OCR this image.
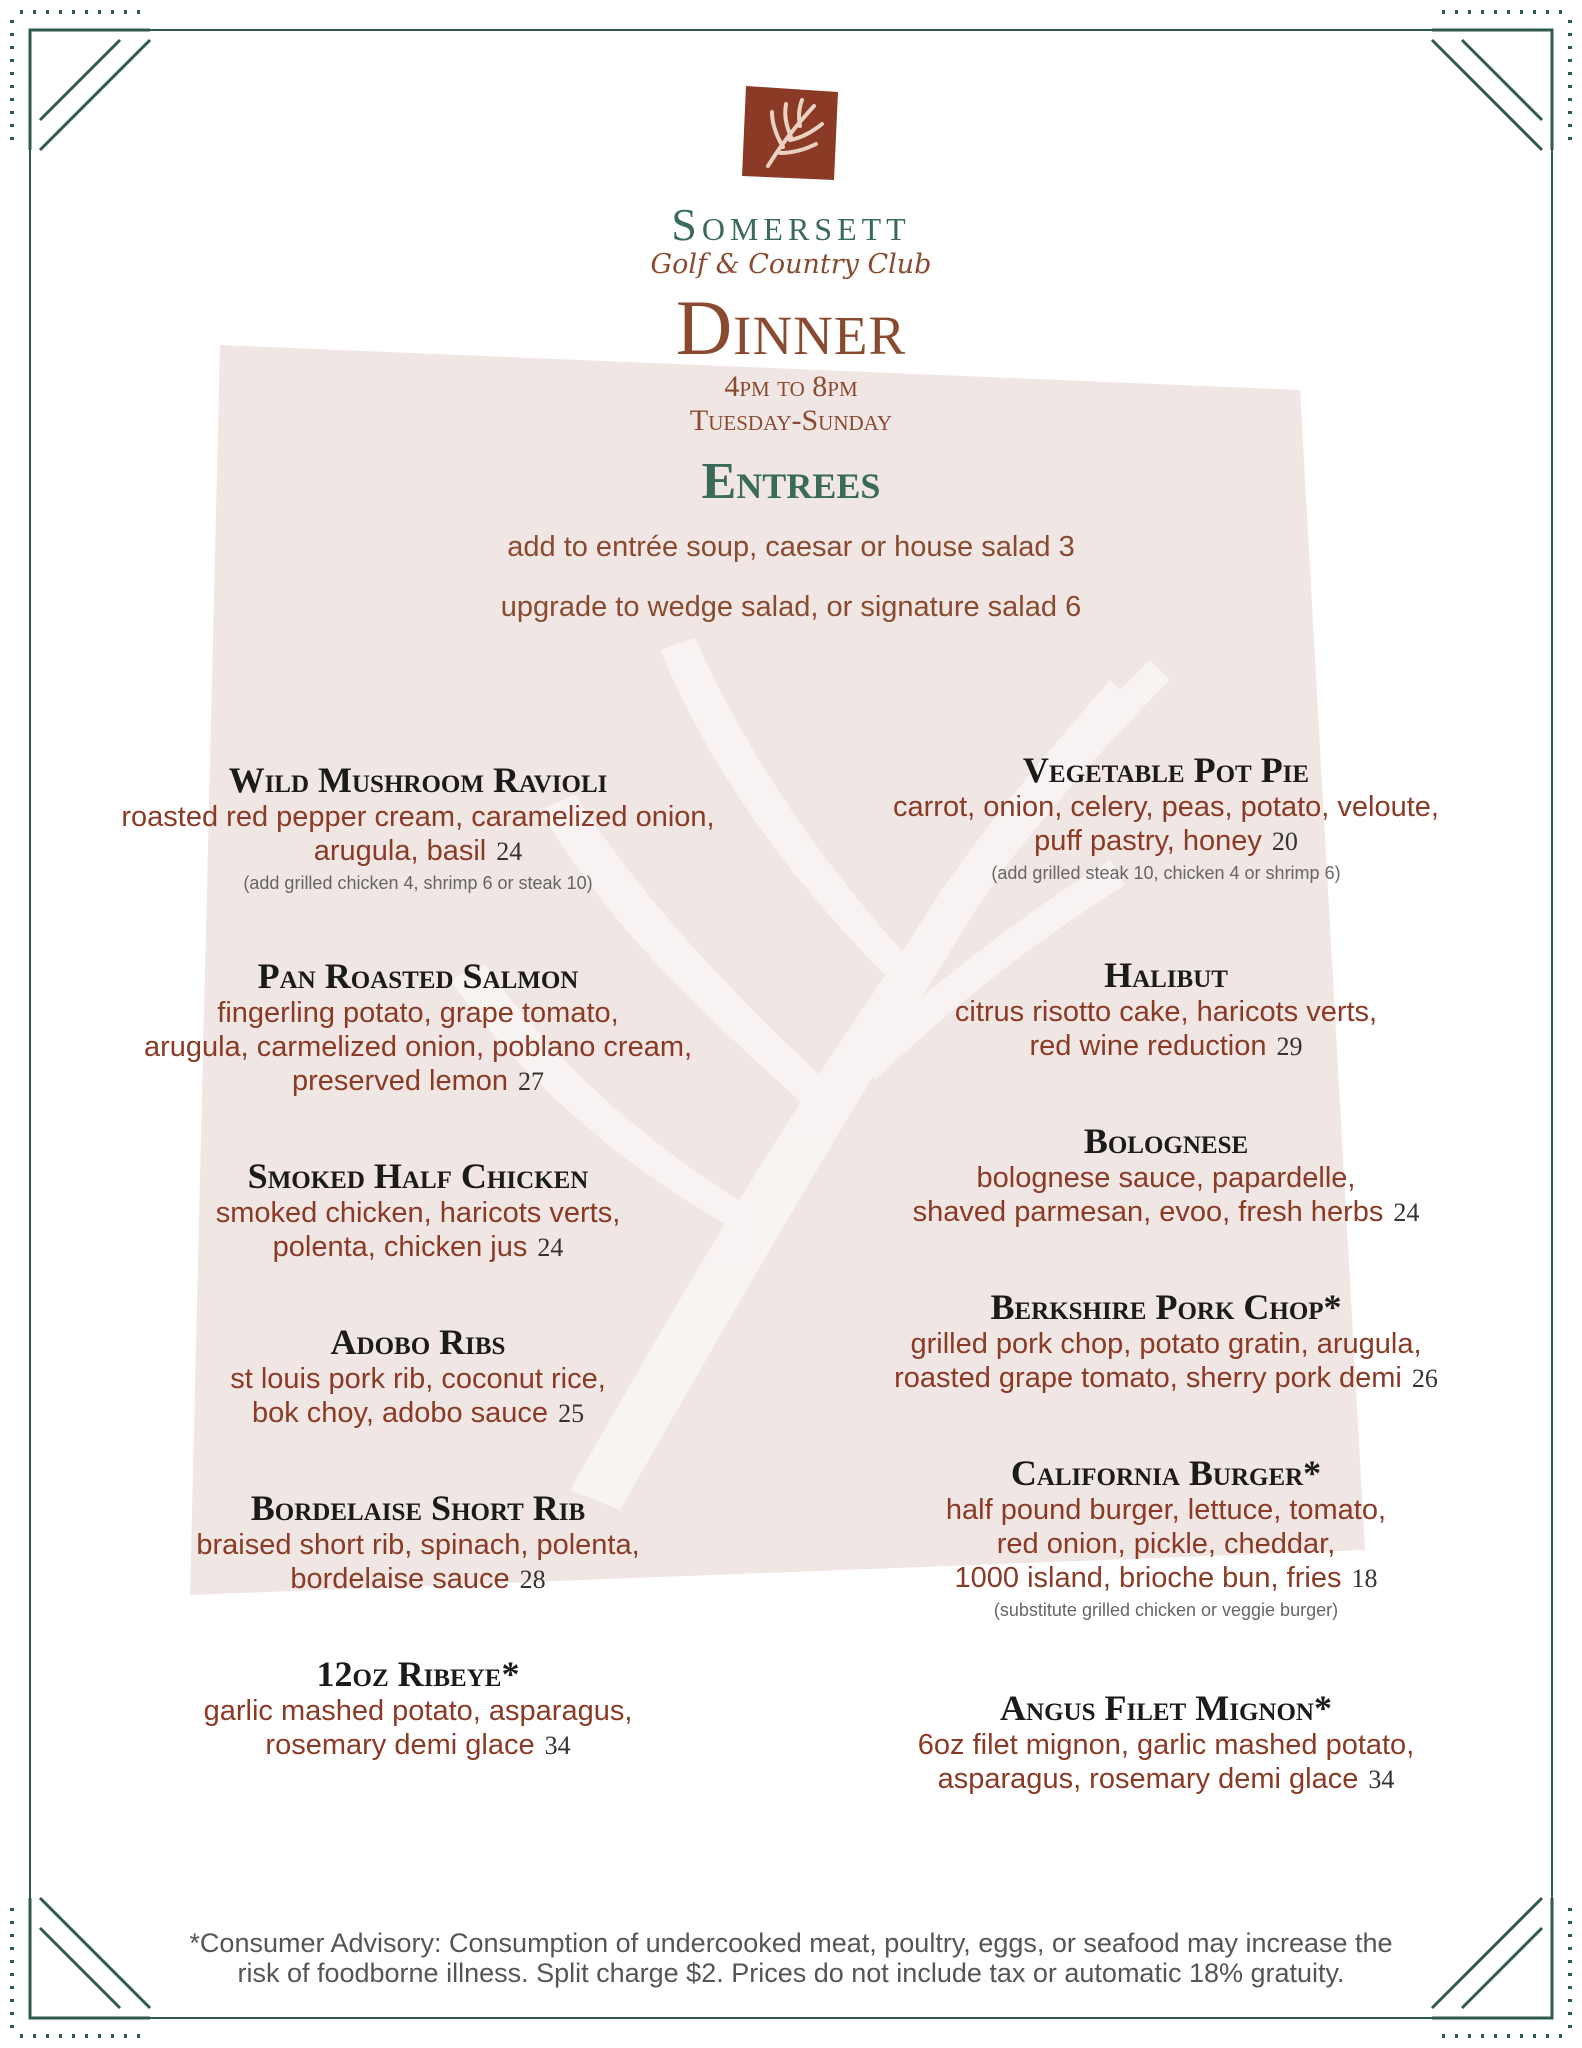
Somersett
Golf & Country Club
Dinner
4pm to 8pm
Tuesday-Sunday
Entrees
add to entrée soup, caesar or house salad 3
upgrade to wedge salad, or signature salad 6
Wild Mushroom Ravioli
roasted red pepper cream, caramelized onion,
arugula, basil 24
(add grilled chicken 4, shrimp 6 or steak 10)
Pan Roasted Salmon
fingerling potato, grape tomato,
arugula, carmelized onion, poblano cream,
preserved lemon 27
Smoked Half Chicken
smoked chicken, haricots verts,
polenta, chicken jus 24
Adobo Ribs
st louis pork rib, coconut rice,
bok choy, adobo sauce 25
Bordelaise Short Rib
braised short rib, spinach, polenta,
bordelaise sauce 28
12oz Ribeye*
garlic mashed potato, asparagus,
rosemary demi glace 34
Vegetable Pot Pie
carrot, onion, celery, peas, potato, veloute,
puff pastry, honey 20
(add grilled steak 10, chicken 4 or shrimp 6)
Halibut
citrus risotto cake, haricots verts,
red wine reduction 29
Bolognese
bolognese sauce, papardelle,
shaved parmesan, evoo, fresh herbs 24
Berkshire Pork Chop*
grilled pork chop, potato gratin, arugula,
roasted grape tomato, sherry pork demi 26
California Burger*
half pound burger, lettuce, tomato,
red onion, pickle, cheddar,
1000 island, brioche bun, fries 18
(substitute grilled chicken or veggie burger)
Angus Filet Mignon*
6oz filet mignon, garlic mashed potato,
asparagus, rosemary demi glace 34
*Consumer Advisory: Consumption of undercooked meat, poultry, eggs, or seafood may increase the
risk of foodborne illness. Split charge $2. Prices do not include tax or automatic 18% gratuity.
